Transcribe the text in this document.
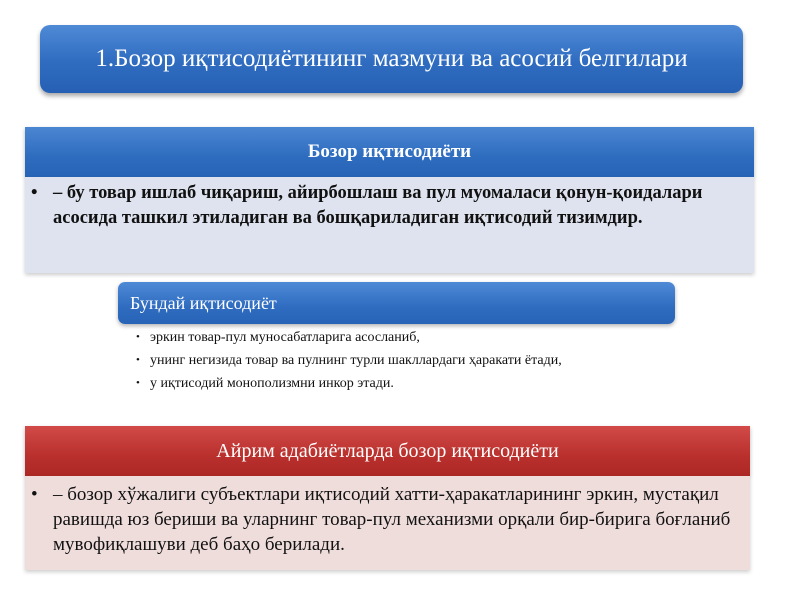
1.Бозор иқтисодиётининг мазмуни ва асосий белгилари
Бозор иқтисодиёти
• – бу товар ишлаб чиқариш, айирбошлаш ва пул муомаласи қонун-қоидалари асосида ташкил этиладиган ва бошқариладиган иқтисодий тизимдир.
Бундай иқтисодиёт
• эркин товар-пул муносабатларига асосланиб,
• унинг негизида товар ва пулнинг турли шакллардаги ҳаракати ётади,
• у иқтисодий монополизмни инкор этади.
Айрим адабиётларда бозор иқтисодиёти
• – бозор хўжалиги субъектлари иқтисодий хатти-ҳаракатларининг эркин, мустақил равишда юз бериши ва уларнинг товар-пул механизми орқали бир-бирига боғланиб мувофиқлашуви деб баҳо берилади.
